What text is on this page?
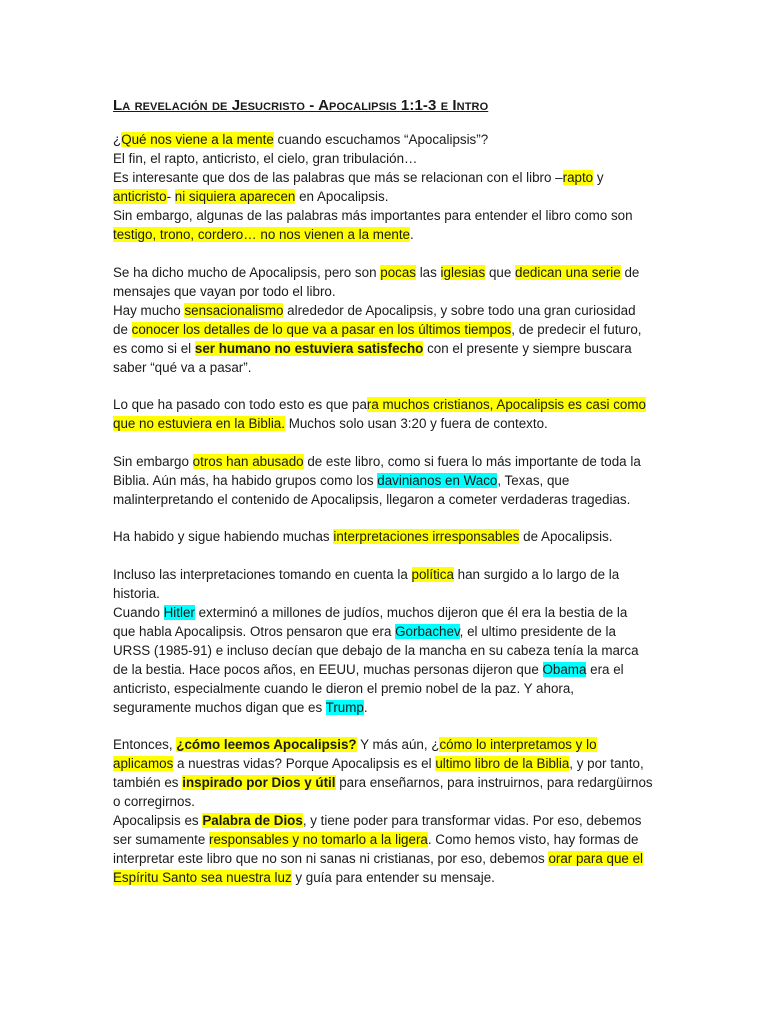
La revelación de Jesucristo - Apocalipsis 1:1-3 e Intro

¿Qué nos viene a la mente cuando escuchamos “Apocalipsis”?
El fin, el rapto, anticristo, el cielo, gran tribulación…
Es interesante que dos de las palabras que más se relacionan con el libro –rapto y anticristo- ni siquiera aparecen en Apocalipsis.
Sin embargo, algunas de las palabras más importantes para entender el libro como son testigo, trono, cordero… no nos vienen a la mente.

Se ha dicho mucho de Apocalipsis, pero son pocas las iglesias que dedican una serie de mensajes que vayan por todo el libro.
Hay mucho sensacionalismo alrededor de Apocalipsis, y sobre todo una gran curiosidad de conocer los detalles de lo que va a pasar en los últimos tiempos, de predecir el futuro, es como si el ser humano no estuviera satisfecho con el presente y siempre buscara saber “qué va a pasar”.

Lo que ha pasado con todo esto es que para muchos cristianos, Apocalipsis es casi como que no estuviera en la Biblia. Muchos solo usan 3:20 y fuera de contexto.

Sin embargo otros han abusado de este libro, como si fuera lo más importante de toda la Biblia. Aún más, ha habido grupos como los davinianos en Waco, Texas, que malinterpretando el contenido de Apocalipsis, llegaron a cometer verdaderas tragedias.

Ha habido y sigue habiendo muchas interpretaciones irresponsables de Apocalipsis.

Incluso las interpretaciones tomando en cuenta la política han surgido a lo largo de la historia.
Cuando Hitler exterminó a millones de judíos, muchos dijeron que él era la bestia de la que habla Apocalipsis. Otros pensaron que era Gorbachev, el ultimo presidente de la URSS (1985-91) e incluso decían que debajo de la mancha en su cabeza tenía la marca de la bestia. Hace pocos años, en EEUU, muchas personas dijeron que Obama era el anticristo, especialmente cuando le dieron el premio nobel de la paz. Y ahora, seguramente muchos digan que es Trump.

Entonces, ¿cómo leemos Apocalipsis? Y más aún, ¿cómo lo interpretamos y lo aplicamos a nuestras vidas? Porque Apocalipsis es el ultimo libro de la Biblia, y por tanto, también es inspirado por Dios y útil para enseñarnos, para instruirnos, para redargüirnos o corregirnos.
Apocalipsis es Palabra de Dios, y tiene poder para transformar vidas. Por eso, debemos ser sumamente responsables y no tomarlo a la ligera. Como hemos visto, hay formas de interpretar este libro que no son ni sanas ni cristianas, por eso, debemos orar para que el Espíritu Santo sea nuestra luz y guía para entender su mensaje.
